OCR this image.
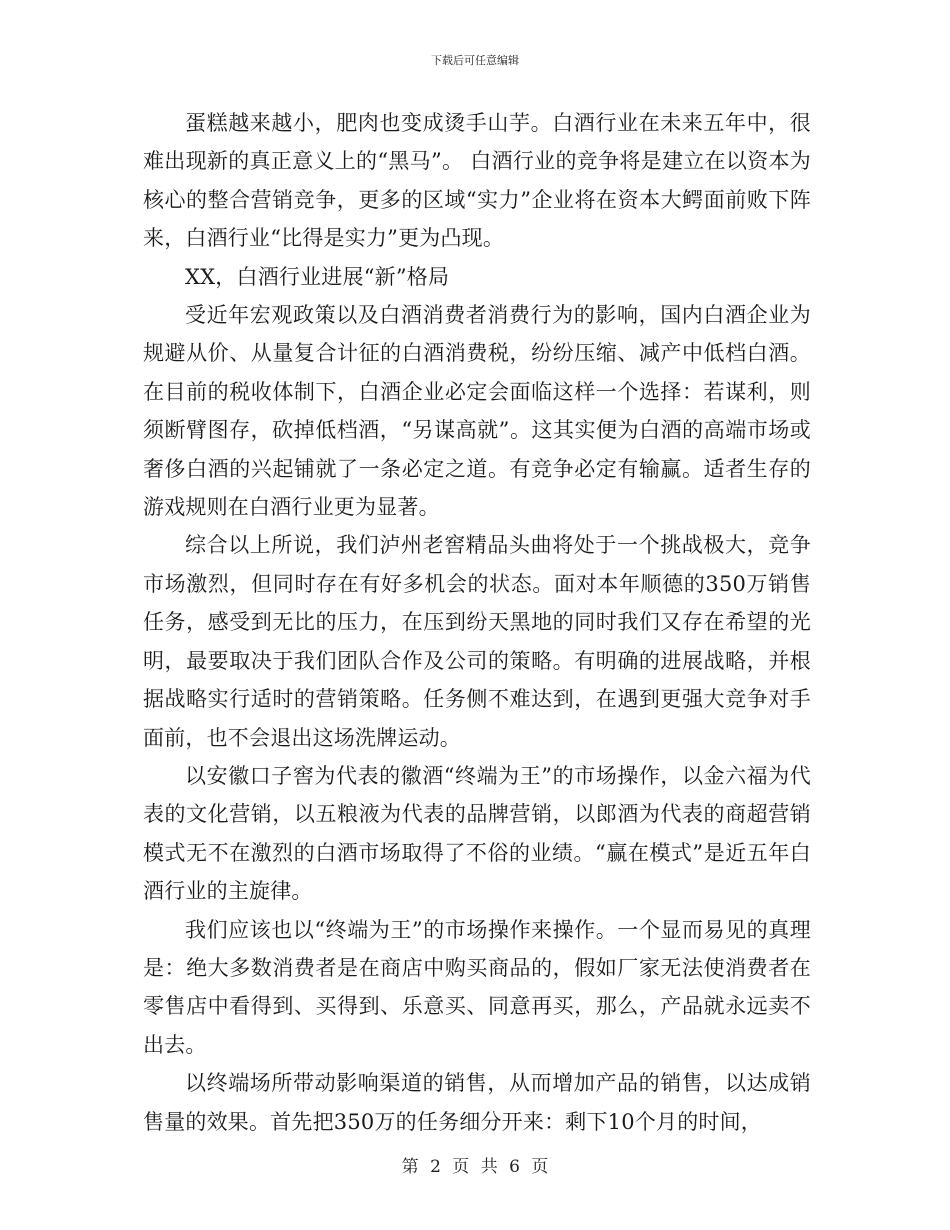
下载后可任意编辑

蛋糕越来越小，肥肉也变成烫手山芋。白酒行业在未来五年中，很难出现新的真正意义上的“黑马”。 白酒行业的竞争将是建立在以资本为核心的整合营销竞争，更多的区域“实力”企业将在资本大鳄面前败下阵来，白酒行业“比得是实力”更为凸现。

XX，白酒行业进展“新”格局

受近年宏观政策以及白酒消费者消费行为的影响，国内白酒企业为规避从价、从量复合计征的白酒消费税，纷纷压缩、减产中低档白酒。在目前的税收体制下，白酒企业必定会面临这样一个选择：若谋利，则须断臂图存，砍掉低档酒，“另谋高就”。这其实便为白酒的高端市场或奢侈白酒的兴起铺就了一条必定之道。有竞争必定有输赢。适者生存的游戏规则在白酒行业更为显著。

综合以上所说，我们泸州老窖精品头曲将处于一个挑战极大，竞争市场激烈，但同时存在有好多机会的状态。面对本年顺德的350万销售任务，感受到无比的压力，在压到纷天黑地的同时我们又存在希望的光明，最要取决于我们团队合作及公司的策略。有明确的进展战略，并根据战略实行适时的营销策略。任务侧不难达到，在遇到更强大竞争对手面前，也不会退出这场洗牌运动。

以安徽口子窖为代表的徽酒“终端为王”的市场操作，以金六福为代表的文化营销，以五粮液为代表的品牌营销，以郎酒为代表的商超营销模式无不在激烈的白酒市场取得了不俗的业绩。“赢在模式”是近五年白酒行业的主旋律。

我们应该也以“终端为王”的市场操作来操作。一个显而易见的真理是：绝大多数消费者是在商店中购买商品的，假如厂家无法使消费者在零售店中看得到、买得到、乐意买、同意再买，那么，产品就永远卖不出去。

以终端场所带动影响渠道的销售，从而增加产品的销售，以达成销售量的效果。首先把350万的任务细分开来：剩下10个月的时间，

第 2 页 共 6 页
